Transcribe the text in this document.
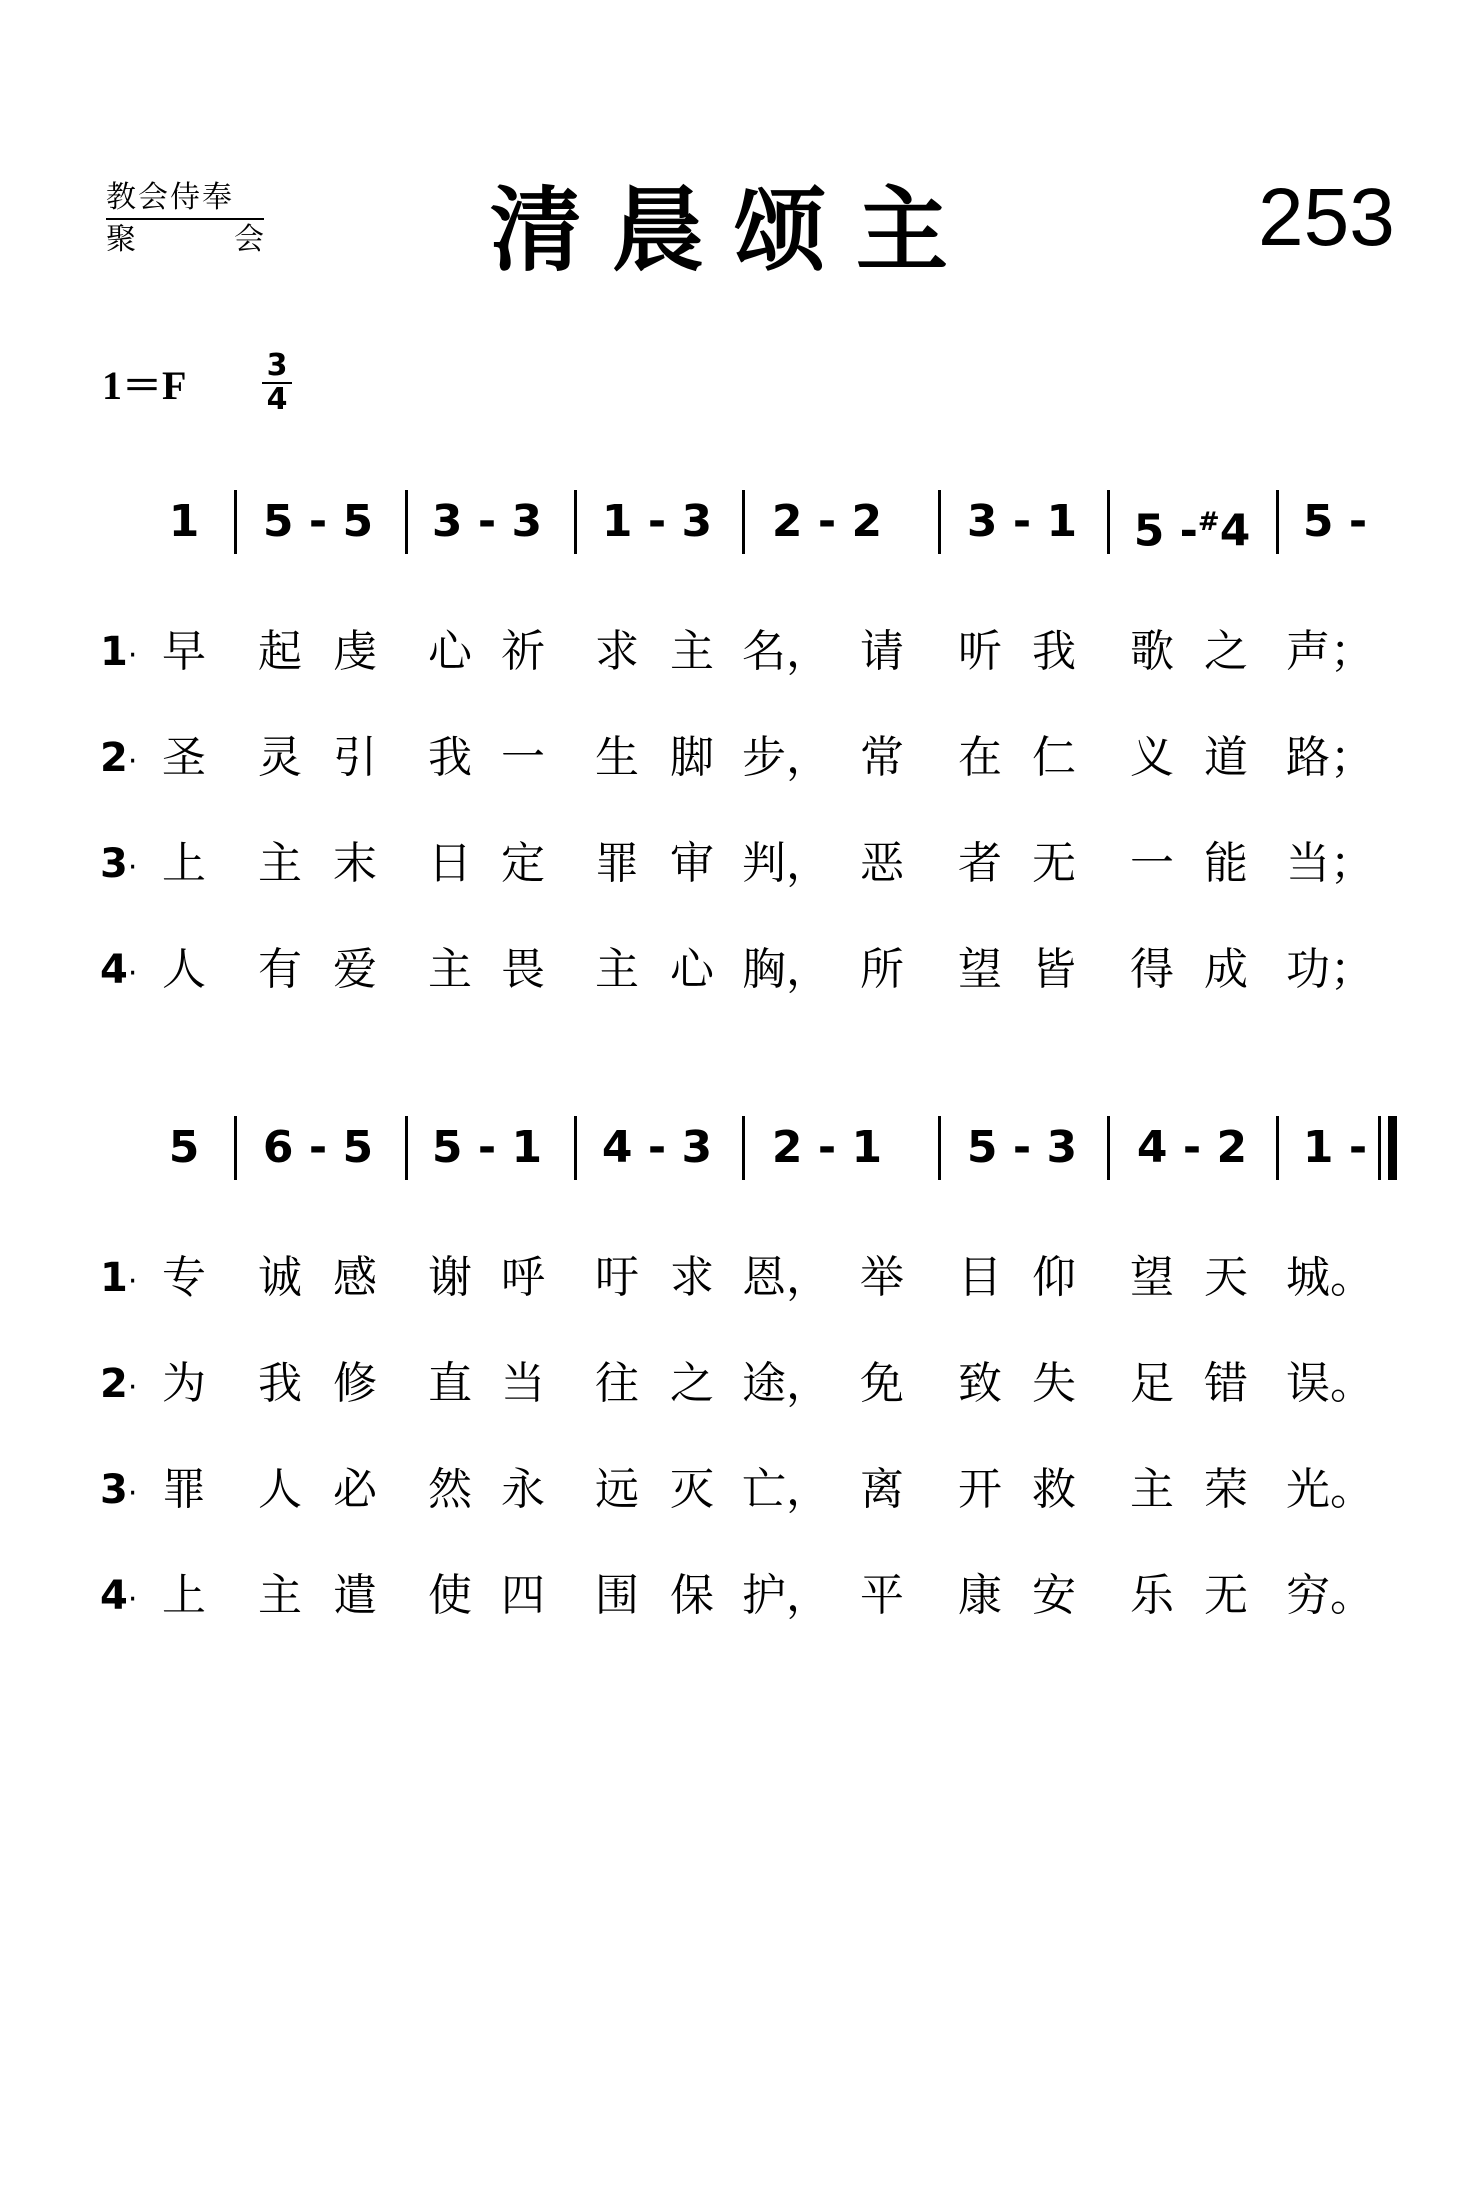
教会侍奉
聚	会 清晨颂主	253
1＝F	$\frac{3}{4}$
1 5 - 5 3 - 3 1 - 3 2 - 2 3 - 1 5 -#4 5 -
1· 早 起 虔 心 祈 求 主 名， 请 听 我 歌 之 声；
2· 圣 灵 引 我 一 生 脚 步， 常 在 仁 义 道 路；
3· 上 主 末 日 定 罪 审 判， 恶 者 无 一 能 当；
4· 人 有 爱 主 畏 主 心 胸， 所 望 皆 得 成 功；
5 6 - 5 5 - 1 4 - 3 2 - 1 5 - 3 4 - 2 1 -
1· 专 诚 感 谢 呼 吁 求 恩， 举 目 仰 望 天 城。
2· 为 我 修 直 当 往 之 途， 免 致 失 足 错 误。
3· 罪 人 必 然 永 远 灭 亡， 离 开 救 主 荣 光。
4· 上 主 遣 使 四 围 保 护， 平 康 安 乐 无 穷。
